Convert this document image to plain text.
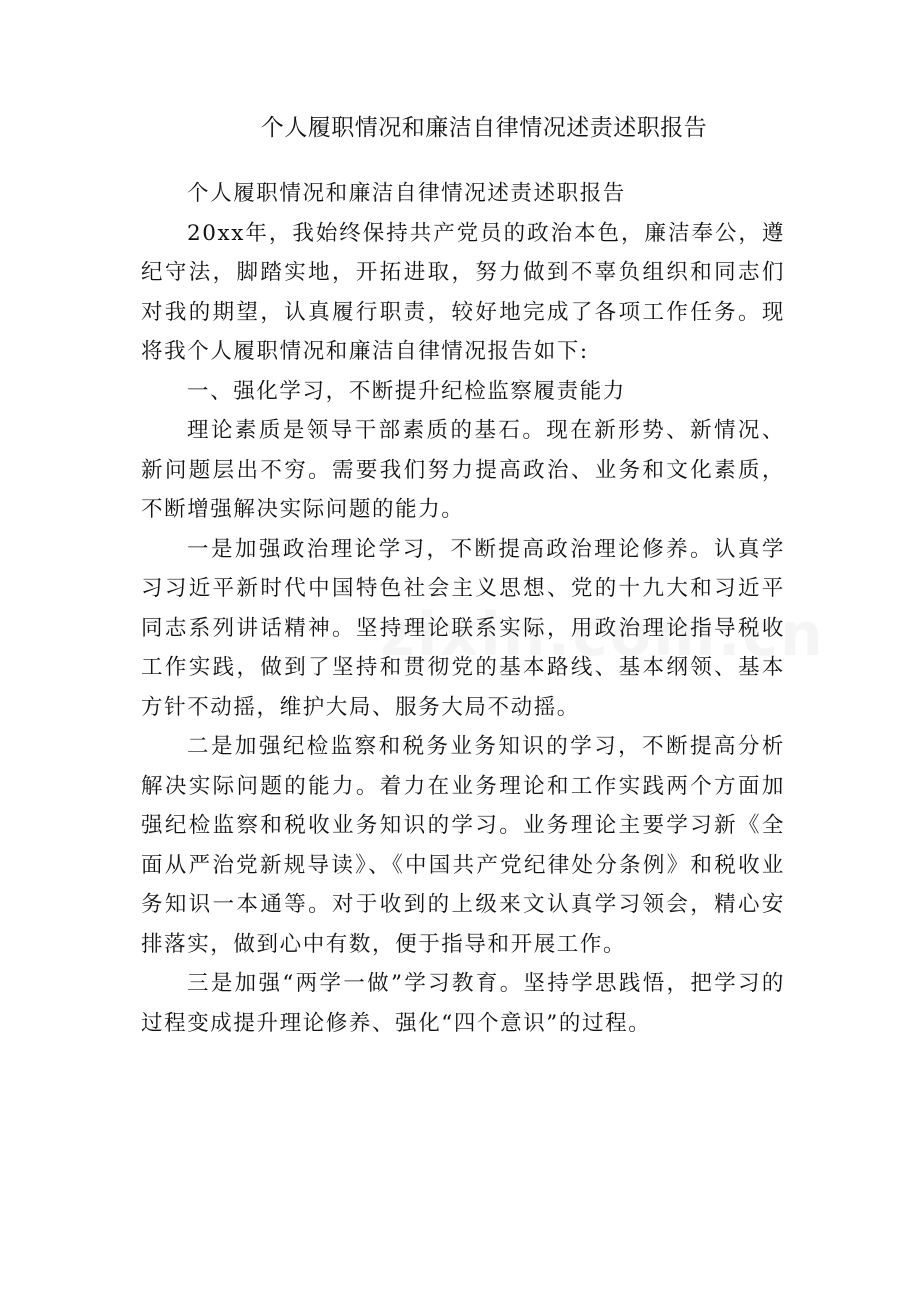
个人履职情况和廉洁自律情况述责述职报告

个人履职情况和廉洁自律情况述责述职报告

20xx年，我始终保持共产党员的政治本色，廉洁奉公，遵纪守法，脚踏实地，开拓进取，努力做到不辜负组织和同志们对我的期望，认真履行职责，较好地完成了各项工作任务。现将我个人履职情况和廉洁自律情况报告如下:

一、强化学习，不断提升纪检监察履责能力

理论素质是领导干部素质的基石。现在新形势、新情况、新问题层出不穷。需要我们努力提高政治、业务和文化素质，不断增强解决实际问题的能力。

一是加强政治理论学习，不断提高政治理论修养。认真学习习近平新时代中国特色社会主义思想、党的十九大和习近平同志系列讲话精神。坚持理论联系实际，用政治理论指导税收工作实践，做到了坚持和贯彻党的基本路线、基本纲领、基本方针不动摇，维护大局、服务大局不动摇。

二是加强纪检监察和税务业务知识的学习，不断提高分析解决实际问题的能力。着力在业务理论和工作实践两个方面加强纪检监察和税收业务知识的学习。业务理论主要学习新《全面从严治党新规导读》、《中国共产党纪律处分条例》和税收业务知识一本通等。对于收到的上级来文认真学习领会，精心安排落实，做到心中有数，便于指导和开展工作。

三是加强“两学一做”学习教育。坚持学思践悟，把学习的过程变成提升理论修养、强化“四个意识”的过程。
